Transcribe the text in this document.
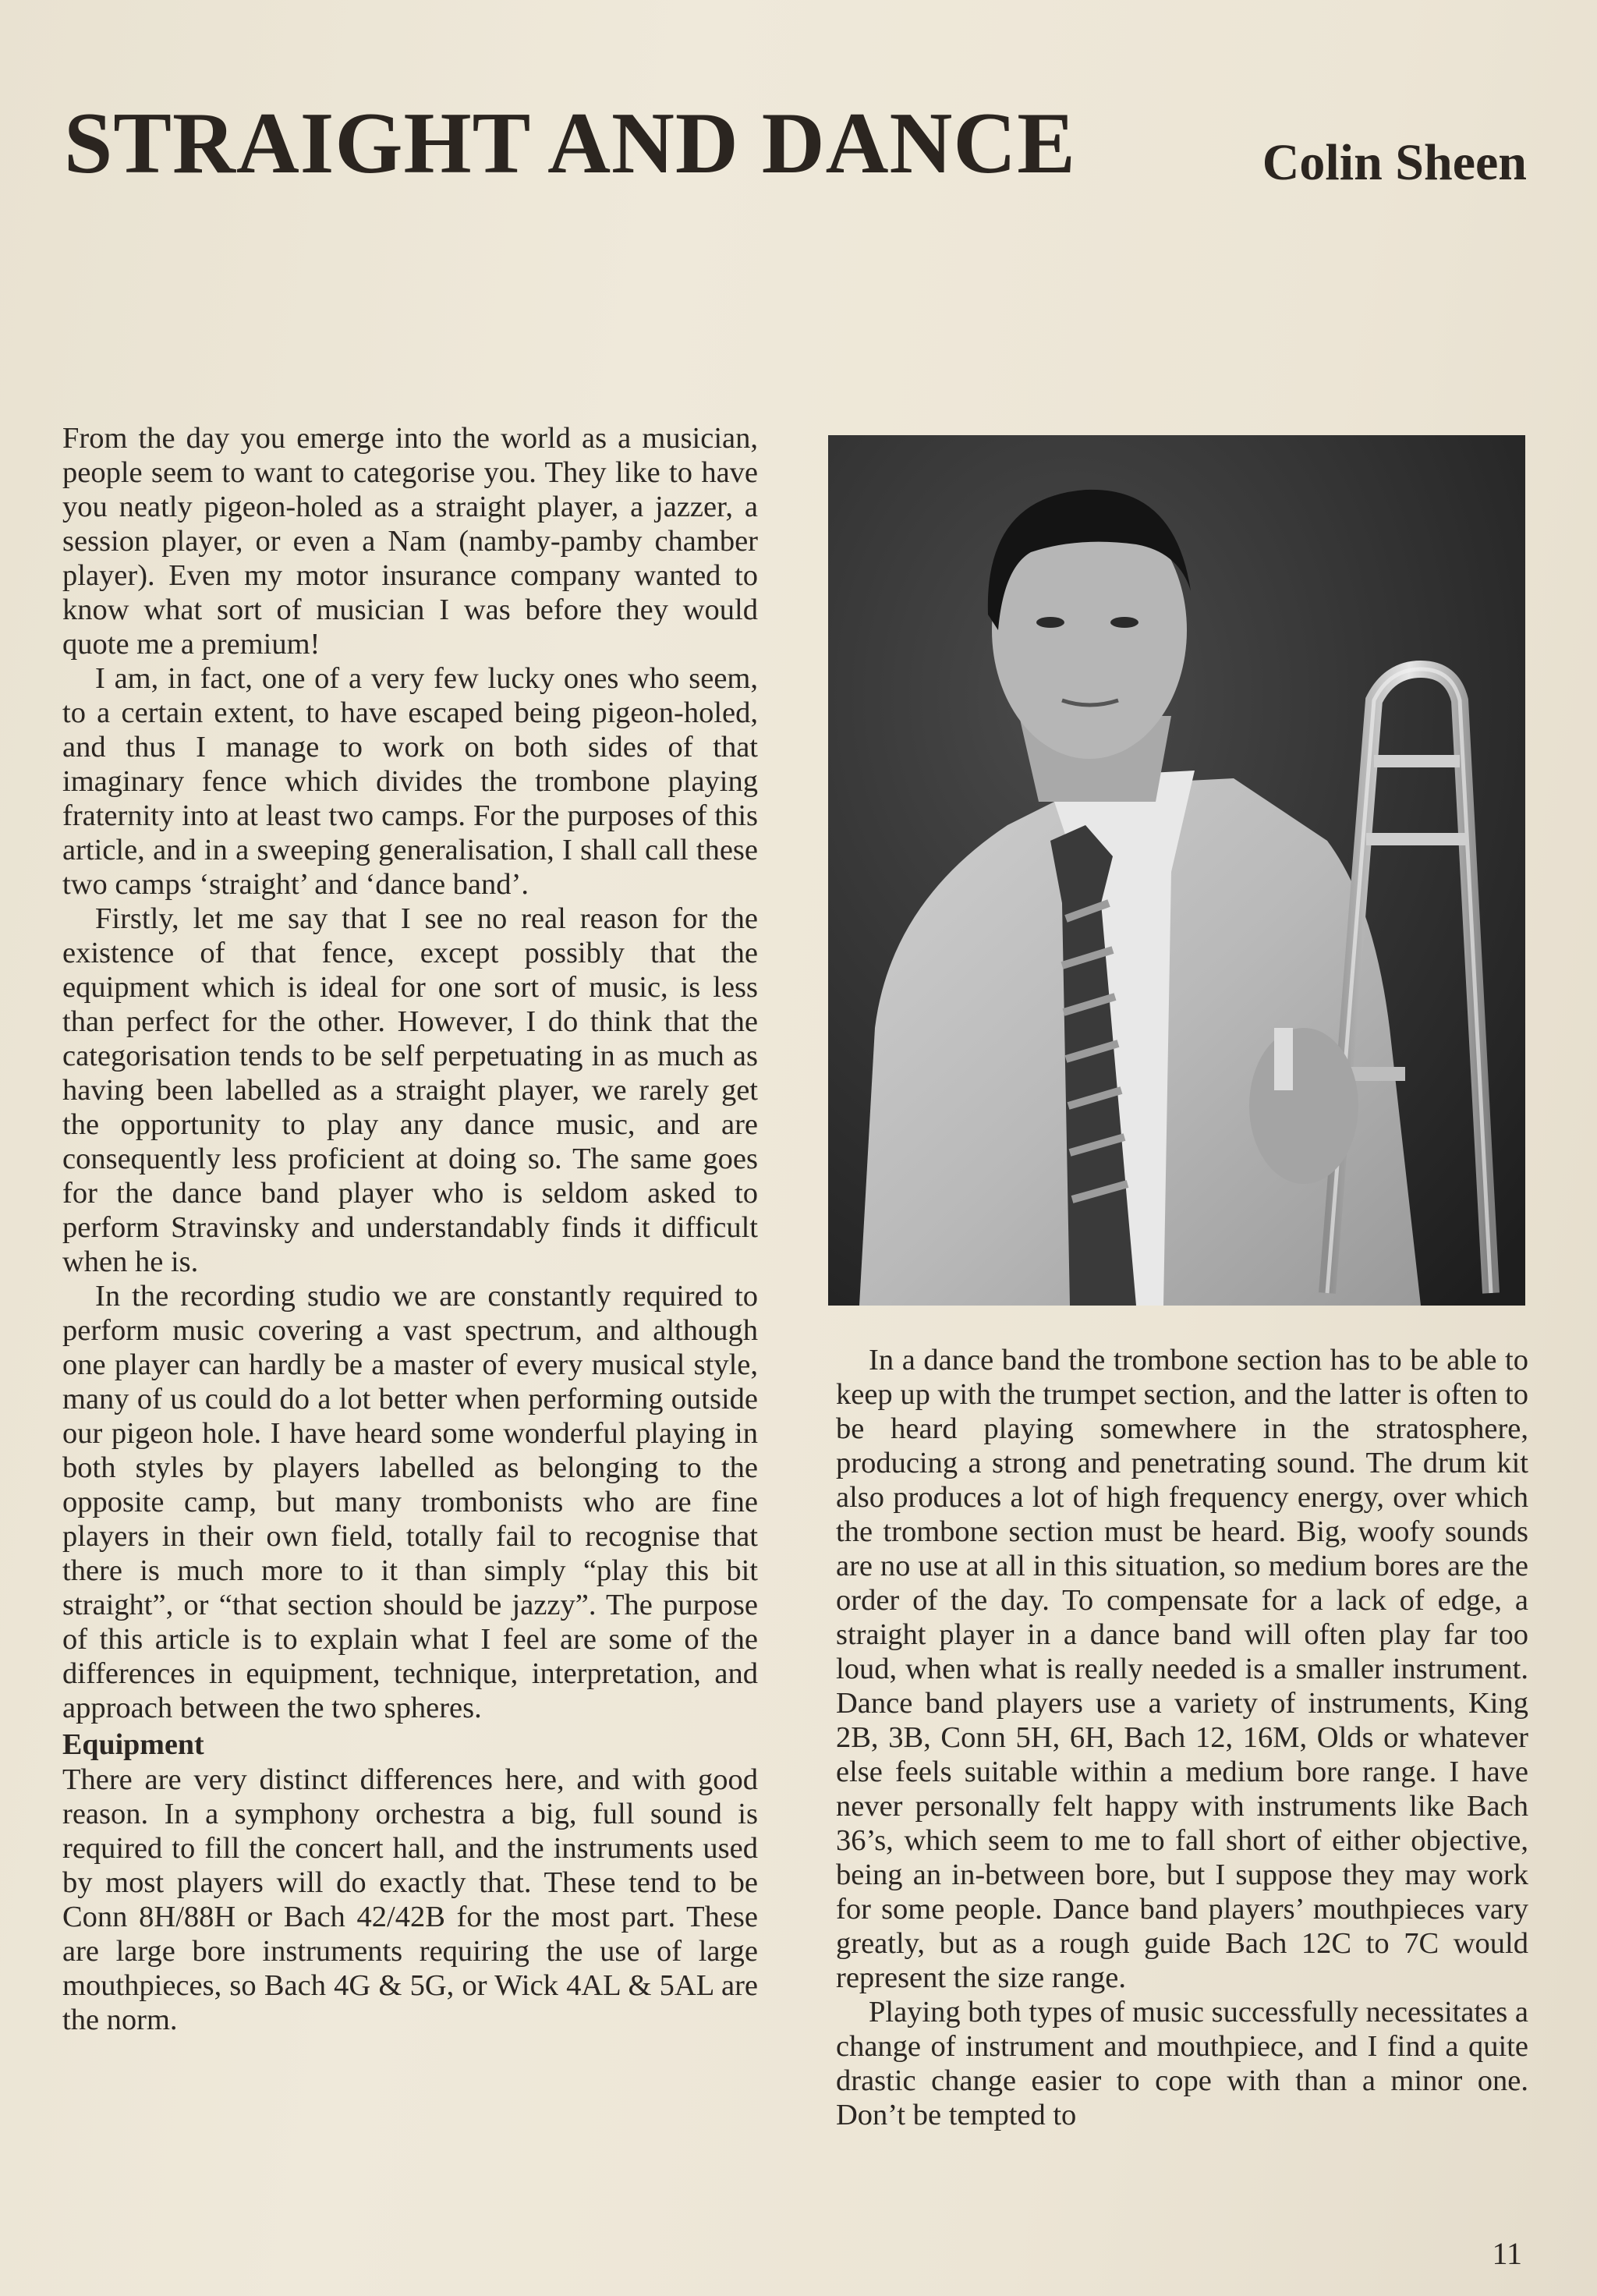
STRAIGHT AND DANCE	Colin Sheen

From the day you emerge into the world as a musician, people seem to want to categorise you. They like to have you neatly pigeon-holed as a straight player, a jazzer, a session player, or even a Nam (namby-pamby chamber player). Even my motor insurance company wanted to know what sort of musician I was before they would quote me a premium!

I am, in fact, one of a very few lucky ones who seem, to a certain extent, to have escaped being pigeon-holed, and thus I manage to work on both sides of that imaginary fence which divides the trombone playing fraternity into at least two camps. For the purposes of this article, and in a sweeping generalisation, I shall call these two camps ‘straight’ and ‘dance band’.

Firstly, let me say that I see no real reason for the existence of that fence, except possibly that the equipment which is ideal for one sort of music, is less than perfect for the other. However, I do think that the categorisation tends to be self perpetuating in as much as having been labelled as a straight player, we rarely get the opportunity to play any dance music, and are consequently less proficient at doing so. The same goes for the dance band player who is seldom asked to perform Stravinsky and understandably finds it difficult when he is.

In the recording studio we are constantly required to perform music covering a vast spectrum, and although one player can hardly be a master of every musical style, many of us could do a lot better when performing outside our pigeon hole. I have heard some wonderful playing in both styles by players labelled as belonging to the opposite camp, but many trombonists who are fine players in their own field, totally fail to recognise that there is much more to it than simply “play this bit straight”, or “that section should be jazzy”. The purpose of this article is to explain what I feel are some of the differences in equipment, technique, interpretation, and approach between the two spheres.

Equipment

There are very distinct differences here, and with good reason. In a symphony orchestra a big, full sound is required to fill the concert hall, and the instruments used by most players will do exactly that. These tend to be Conn 8H/88H or Bach 42/42B for the most part. These are large bore instruments requiring the use of large mouthpieces, so Bach 4G & 5G, or Wick 4AL & 5AL are the norm.

In a dance band the trombone section has to be able to keep up with the trumpet section, and the latter is often to be heard playing somewhere in the stratosphere, producing a strong and penetrating sound. The drum kit also produces a lot of high frequency energy, over which the trombone section must be heard. Big, woofy sounds are no use at all in this situation, so medium bores are the order of the day. To compensate for a lack of edge, a straight player in a dance band will often play far too loud, when what is really needed is a smaller instrument. Dance band players use a variety of instruments, King 2B, 3B, Conn 5H, 6H, Bach 12, 16M, Olds or whatever else feels suitable within a medium bore range. I have never personally felt happy with instruments like Bach 36’s, which seem to me to fall short of either objective, being an in-between bore, but I suppose they may work for some people. Dance band players’ mouthpieces vary greatly, but as a rough guide Bach 12C to 7C would represent the size range.

Playing both types of music successfully necessitates a change of instrument and mouthpiece, and I find a quite drastic change easier to cope with than a minor one. Don’t be tempted to

11
